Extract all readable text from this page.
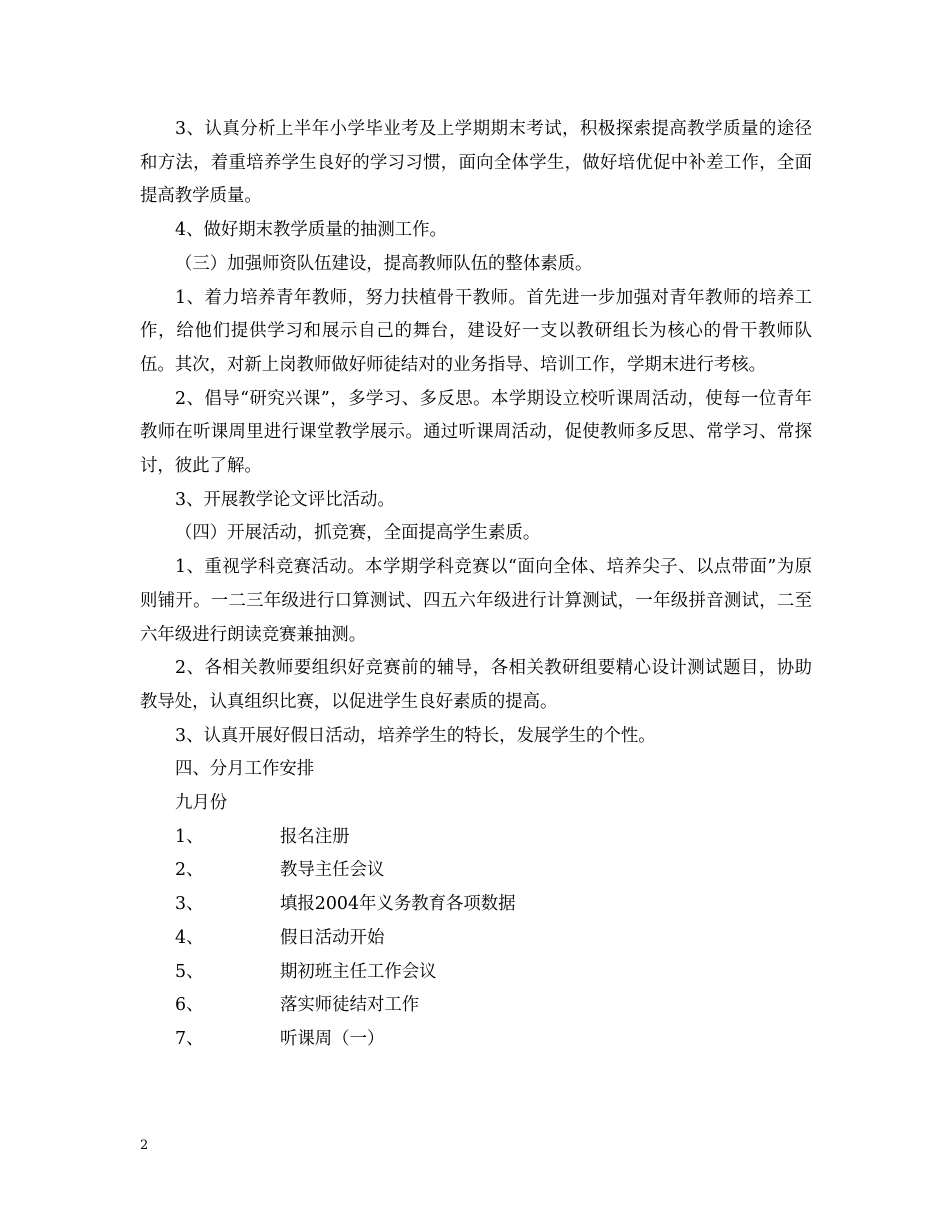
3、认真分析上半年小学毕业考及上学期期末考试，积极探索提高教学质量的途径和方法，着重培养学生良好的学习习惯，面向全体学生，做好培优促中补差工作，全面提高教学质量。

4、做好期末教学质量的抽测工作。

（三）加强师资队伍建设，提高教师队伍的整体素质。

1、着力培养青年教师，努力扶植骨干教师。首先进一步加强对青年教师的培养工作，给他们提供学习和展示自己的舞台，建设好一支以教研组长为核心的骨干教师队伍。其次，对新上岗教师做好师徒结对的业务指导、培训工作，学期末进行考核。

2、倡导“研究兴课”，多学习、多反思。本学期设立校听课周活动，使每一位青年教师在听课周里进行课堂教学展示。通过听课周活动，促使教师多反思、常学习、常探讨，彼此了解。

3、开展教学论文评比活动。

（四）开展活动，抓竞赛，全面提高学生素质。

1、重视学科竞赛活动。本学期学科竞赛以“面向全体、培养尖子、以点带面”为原则铺开。一二三年级进行口算测试、四五六年级进行计算测试，一年级拼音测试，二至六年级进行朗读竞赛兼抽测。

2、各相关教师要组织好竞赛前的辅导，各相关教研组要精心设计测试题目，协助教导处，认真组织比赛，以促进学生良好素质的提高。

3、认真开展好假日活动，培养学生的特长，发展学生的个性。

四、分月工作安排

九月份

1、	报名注册
2、	教导主任会议
3、	填报2004年义务教育各项数据
4、	假日活动开始
5、	期初班主任工作会议
6、	落实师徒结对工作
7、	听课周（一）
2
